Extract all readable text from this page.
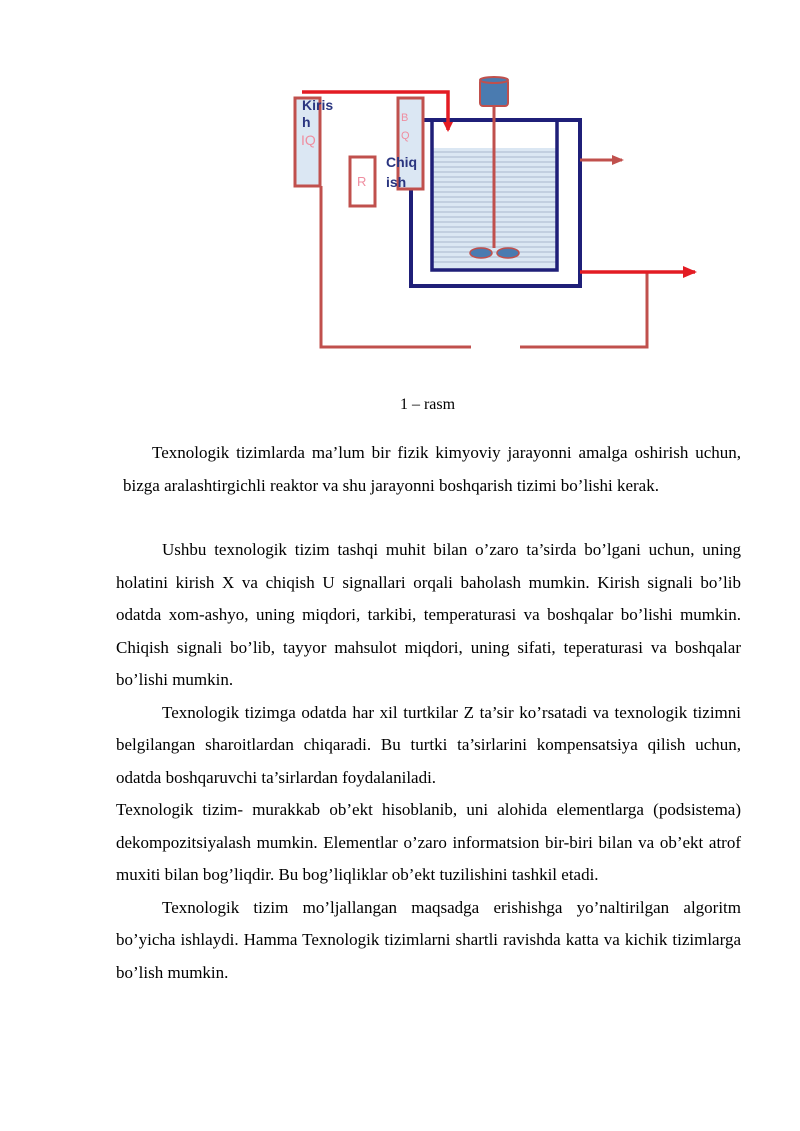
Kiris h
IQ
R
B Q
Chiq ish
1 – rasm

Texnologik tizimlarda ma’lum bir fizik kimyoviy jarayonni amalga oshirish uchun, bizga aralashtirgichli reaktor va shu jarayonni boshqarish tizimi bo’lishi kerak.

Ushbu texnologik tizim tashqi muhit bilan o’zaro ta’sirda bo’lgani uchun, uning holatini kirish X va chiqish U signallari orqali baholash mumkin. Kirish signali bo’lib odatda xom-ashyo, uning miqdori, tarkibi, temperaturasi va boshqalar bo’lishi mumkin. Chiqish signali bo’lib, tayyor mahsulot miqdori, uning sifati, teperaturasi va boshqalar bo’lishi mumkin.

Texnologik tizimga odatda har xil turtkilar Z ta’sir ko’rsatadi va texnologik tizimni belgilangan sharoitlardan chiqaradi. Bu turtki ta’sirlarini kompensatsiya qilish uchun, odatda boshqaruvchi ta’sirlardan foydalaniladi.

Texnologik tizim- murakkab ob’ekt hisoblanib, uni alohida elementlarga (podsistema) dekompozitsiyalash mumkin. Elementlar o’zaro informatsion bir-biri bilan va ob’ekt atrof muxiti bilan bog’liqdir. Bu bog’liqliklar ob’ekt tuzilishini tashkil etadi.

Texnologik tizim mo’ljallangan maqsadga erishishga yo’naltirilgan algoritm bo’yicha ishlaydi. Hamma Texnologik tizimlarni shartli ravishda katta va kichik tizimlarga bo’lish mumkin.
